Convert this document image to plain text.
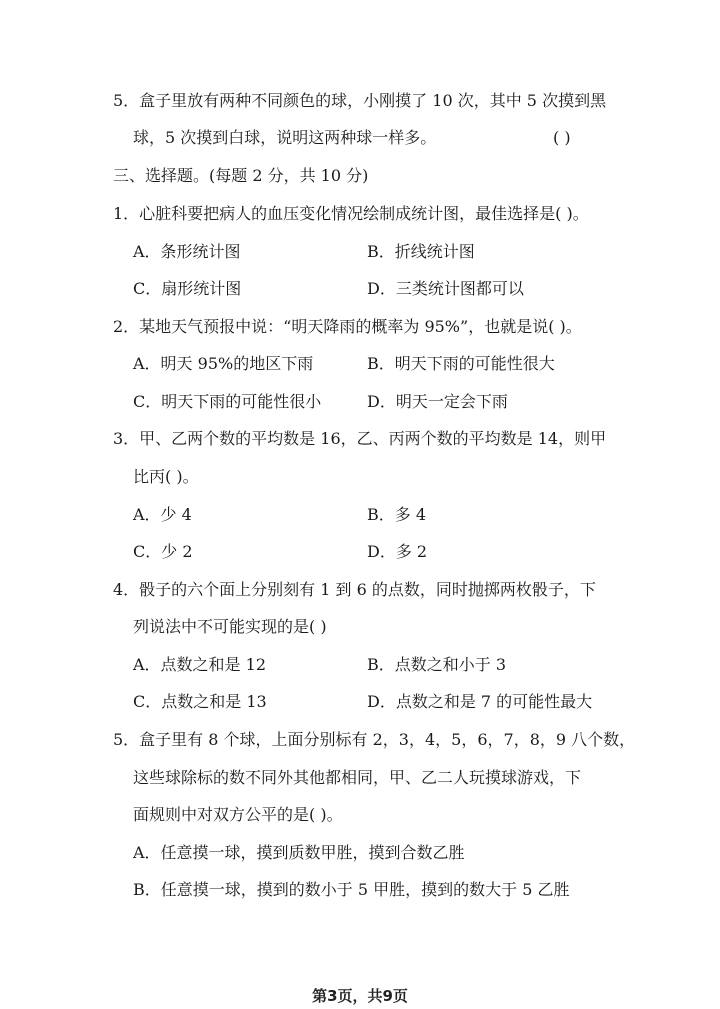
5．盒子里放有两种不同颜色的球，小刚摸了 10 次，其中 5 次摸到黑
球，5 次摸到白球，说明这两种球一样多。	( )
三、选择题。(每题 2 分，共 10 分)
1．心脏科要把病人的血压变化情况绘制成统计图，最佳选择是( )。
A．条形统计图	B．折线统计图
C．扇形统计图	D．三类统计图都可以
2．某地天气预报中说：“明天降雨的概率为 95%”，也就是说( )。
A．明天 95%的地区下雨	B．明天下雨的可能性很大
C．明天下雨的可能性很小	D．明天一定会下雨
3．甲、乙两个数的平均数是 16，乙、丙两个数的平均数是 14，则甲
比丙( )。
A．少 4	B．多 4
C．少 2	D．多 2
4．骰子的六个面上分别刻有 1 到 6 的点数，同时抛掷两枚骰子，下
列说法中不可能实现的是( )
A．点数之和是 12	B．点数之和小于 3
C．点数之和是 13	D．点数之和是 7 的可能性最大
5．盒子里有 8 个球，上面分别标有 2，3，4，5，6，7，8，9 八个数，
这些球除标的数不同外其他都相同，甲、乙二人玩摸球游戏，下
面规则中对双方公平的是( )。
A．任意摸一球，摸到质数甲胜，摸到合数乙胜
B．任意摸一球，摸到的数小于 5 甲胜，摸到的数大于 5 乙胜
第3页，共9页
